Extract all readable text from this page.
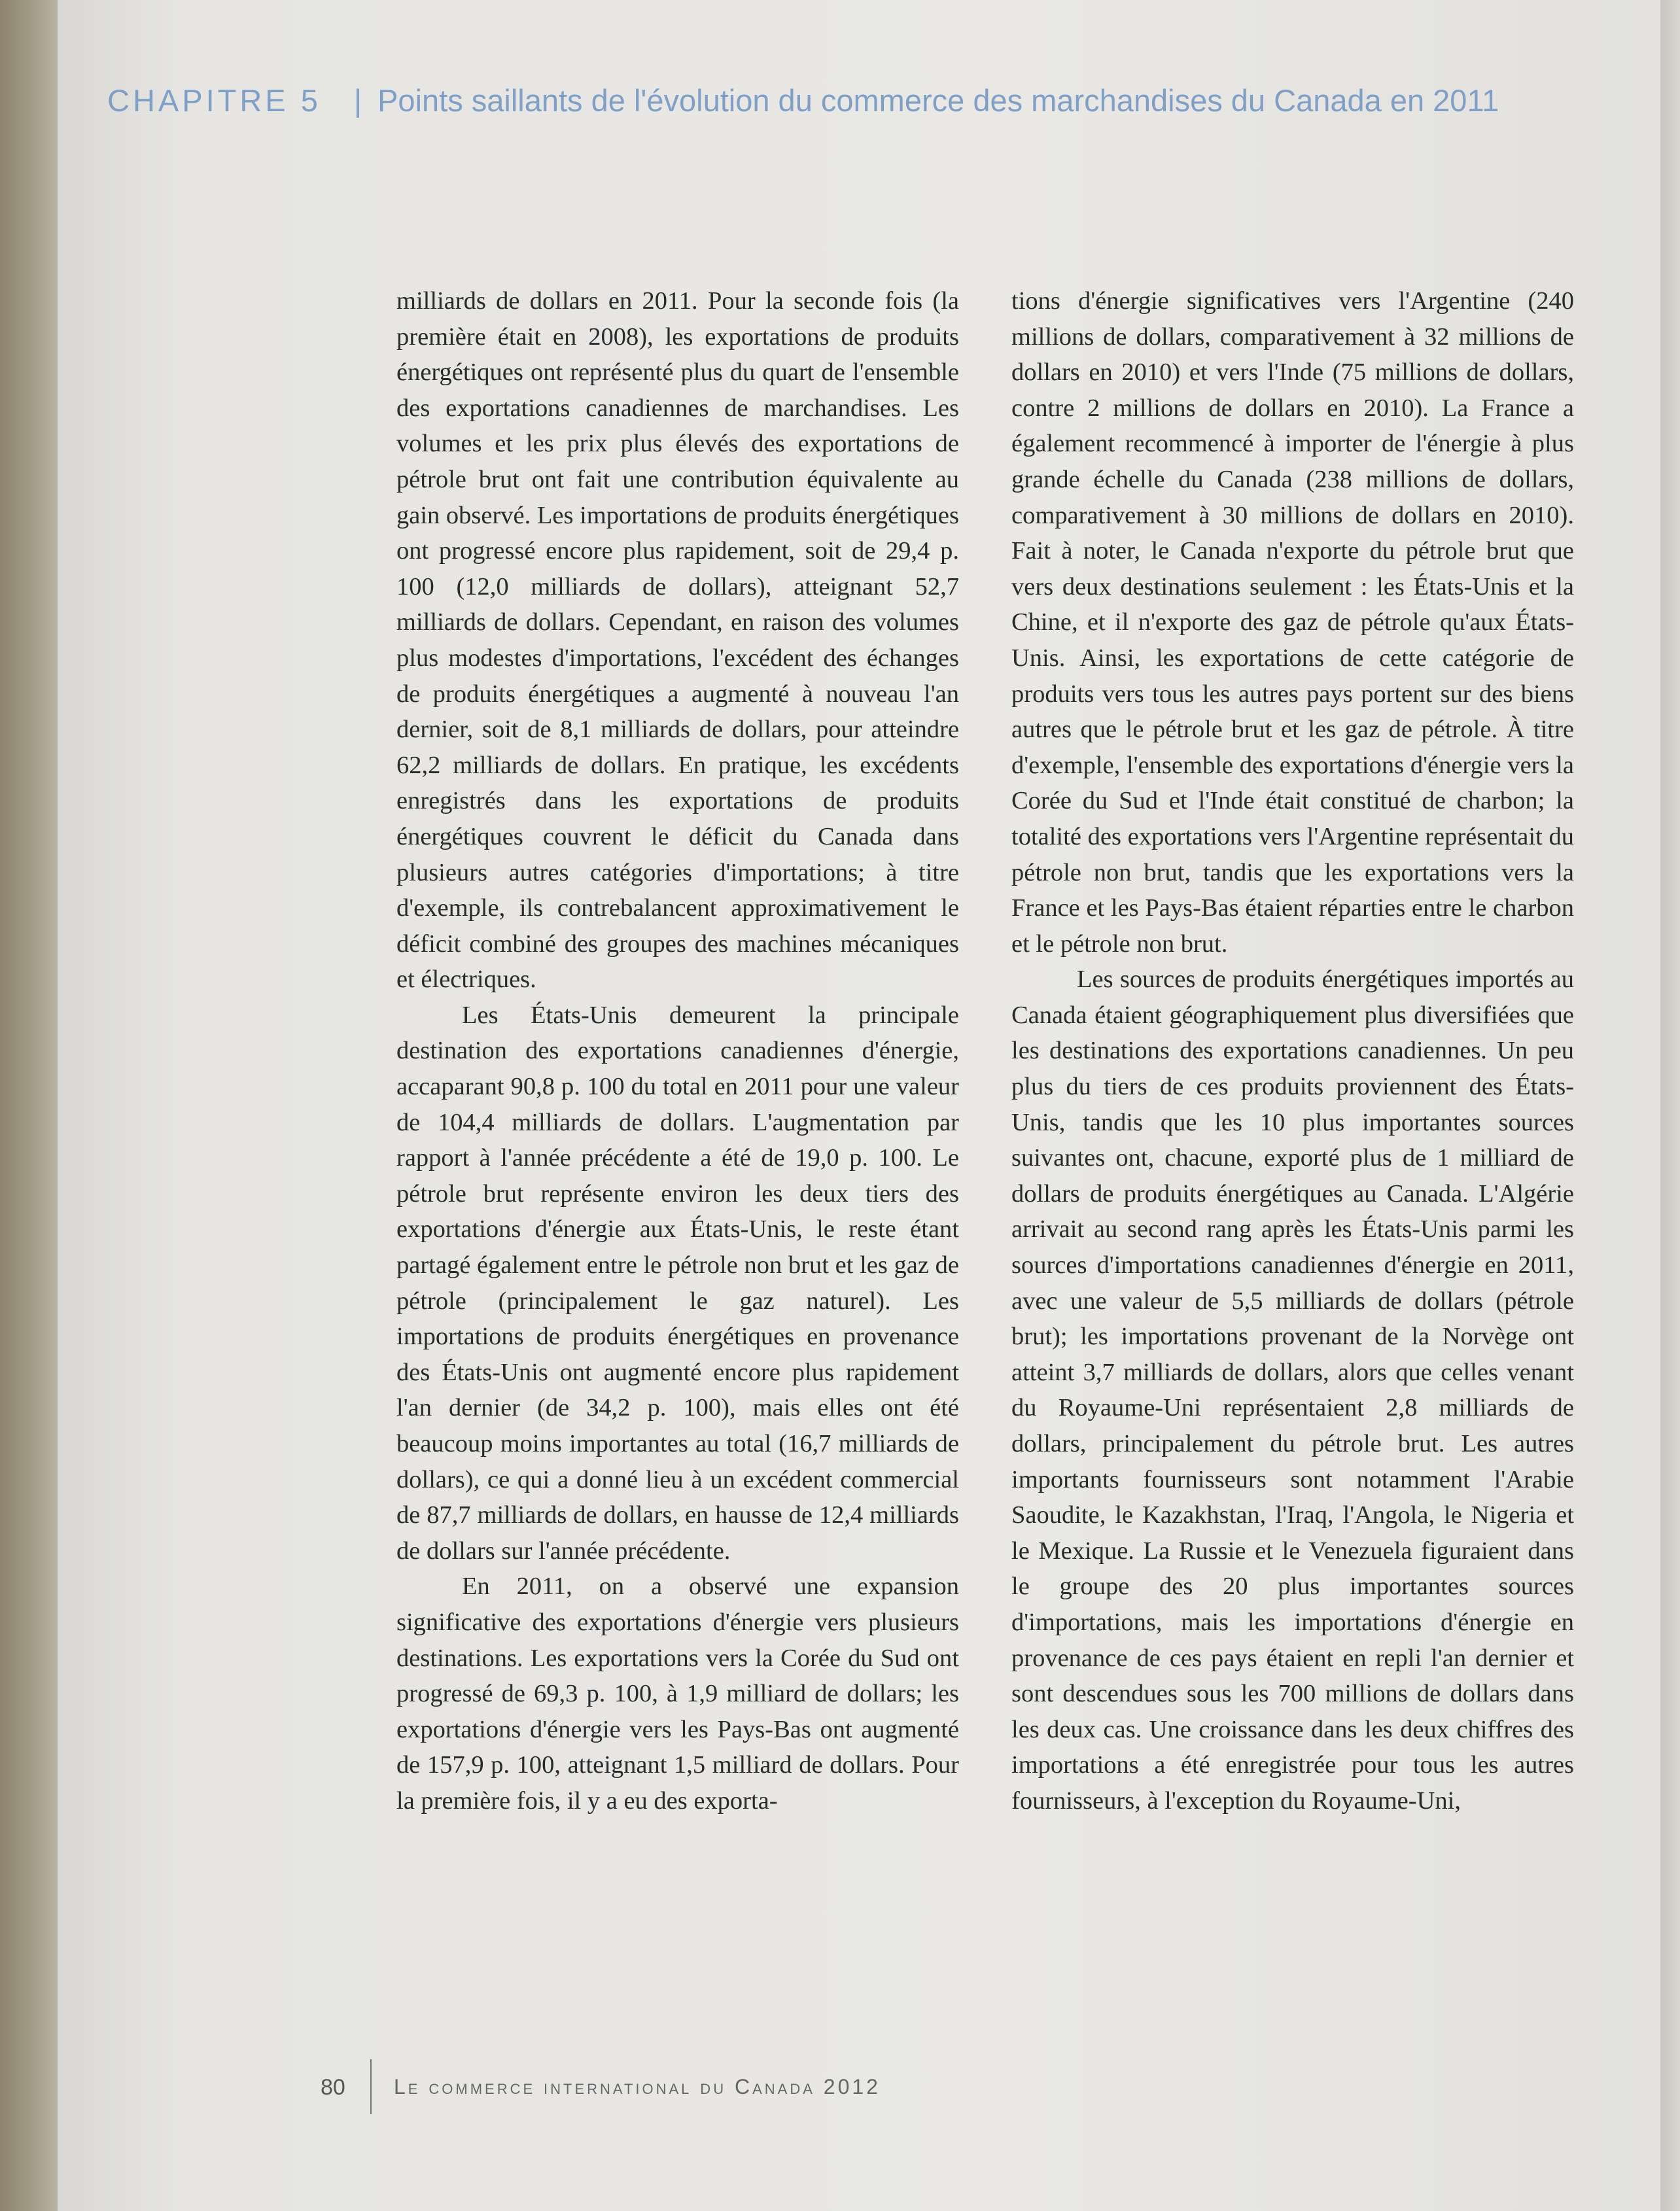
CHAPITRE 5 | Points saillants de l'évolution du commerce des marchandises du Canada en 2011

milliards de dollars en 2011. Pour la seconde fois (la première était en 2008), les exportations de produits énergétiques ont représenté plus du quart de l'ensemble des exportations canadiennes de marchandises. Les volumes et les prix plus élevés des exportations de pétrole brut ont fait une contribution équivalente au gain observé. Les importations de produits énergétiques ont progressé encore plus rapidement, soit de 29,4 p. 100 (12,0 milliards de dollars), atteignant 52,7 milliards de dollars. Cependant, en raison des volumes plus modestes d'importations, l'excédent des échanges de produits énergétiques a augmenté à nouveau l'an dernier, soit de 8,1 milliards de dollars, pour atteindre 62,2 milliards de dollars. En pratique, les excédents enregistrés dans les exportations de produits énergétiques couvrent le déficit du Canada dans plusieurs autres catégories d'importations; à titre d'exemple, ils contrebalancent approximativement le déficit combiné des groupes des machines mécaniques et électriques.

Les États-Unis demeurent la principale destination des exportations canadiennes d'énergie, accaparant 90,8 p. 100 du total en 2011 pour une valeur de 104,4 milliards de dollars. L'augmentation par rapport à l'année précédente a été de 19,0 p. 100. Le pétrole brut représente environ les deux tiers des exportations d'énergie aux États-Unis, le reste étant partagé également entre le pétrole non brut et les gaz de pétrole (principalement le gaz naturel). Les importations de produits énergétiques en provenance des États-Unis ont augmenté encore plus rapidement l'an dernier (de 34,2 p. 100), mais elles ont été beaucoup moins importantes au total (16,7 milliards de dollars), ce qui a donné lieu à un excédent commercial de 87,7 milliards de dollars, en hausse de 12,4 milliards de dollars sur l'année précédente.

En 2011, on a observé une expansion significative des exportations d'énergie vers plusieurs destinations. Les exportations vers la Corée du Sud ont progressé de 69,3 p. 100, à 1,9 milliard de dollars; les exportations d'énergie vers les Pays-Bas ont augmenté de 157,9 p. 100, atteignant 1,5 milliard de dollars. Pour la première fois, il y a eu des exporta-

tions d'énergie significatives vers l'Argentine (240 millions de dollars, comparativement à 32 millions de dollars en 2010) et vers l'Inde (75 millions de dollars, contre 2 millions de dollars en 2010). La France a également recommencé à importer de l'énergie à plus grande échelle du Canada (238 millions de dollars, comparativement à 30 millions de dollars en 2010). Fait à noter, le Canada n'exporte du pétrole brut que vers deux destinations seulement : les États-Unis et la Chine, et il n'exporte des gaz de pétrole qu'aux États-Unis. Ainsi, les exportations de cette catégorie de produits vers tous les autres pays portent sur des biens autres que le pétrole brut et les gaz de pétrole. À titre d'exemple, l'ensemble des exportations d'énergie vers la Corée du Sud et l'Inde était constitué de charbon; la totalité des exportations vers l'Argentine représentait du pétrole non brut, tandis que les exportations vers la France et les Pays-Bas étaient réparties entre le charbon et le pétrole non brut.

Les sources de produits énergétiques importés au Canada étaient géographiquement plus diversifiées que les destinations des exportations canadiennes. Un peu plus du tiers de ces produits proviennent des États-Unis, tandis que les 10 plus importantes sources suivantes ont, chacune, exporté plus de 1 milliard de dollars de produits énergétiques au Canada. L'Algérie arrivait au second rang après les États-Unis parmi les sources d'importations canadiennes d'énergie en 2011, avec une valeur de 5,5 milliards de dollars (pétrole brut); les importations provenant de la Norvège ont atteint 3,7 milliards de dollars, alors que celles venant du Royaume-Uni représentaient 2,8 milliards de dollars, principalement du pétrole brut. Les autres importants fournisseurs sont notamment l'Arabie Saoudite, le Kazakhstan, l'Iraq, l'Angola, le Nigeria et le Mexique. La Russie et le Venezuela figuraient dans le groupe des 20 plus importantes sources d'importations, mais les importations d'énergie en provenance de ces pays étaient en repli l'an dernier et sont descendues sous les 700 millions de dollars dans les deux cas. Une croissance dans les deux chiffres des importations a été enregistrée pour tous les autres fournisseurs, à l'exception du Royaume-Uni,

80 Le commerce international du Canada 2012
